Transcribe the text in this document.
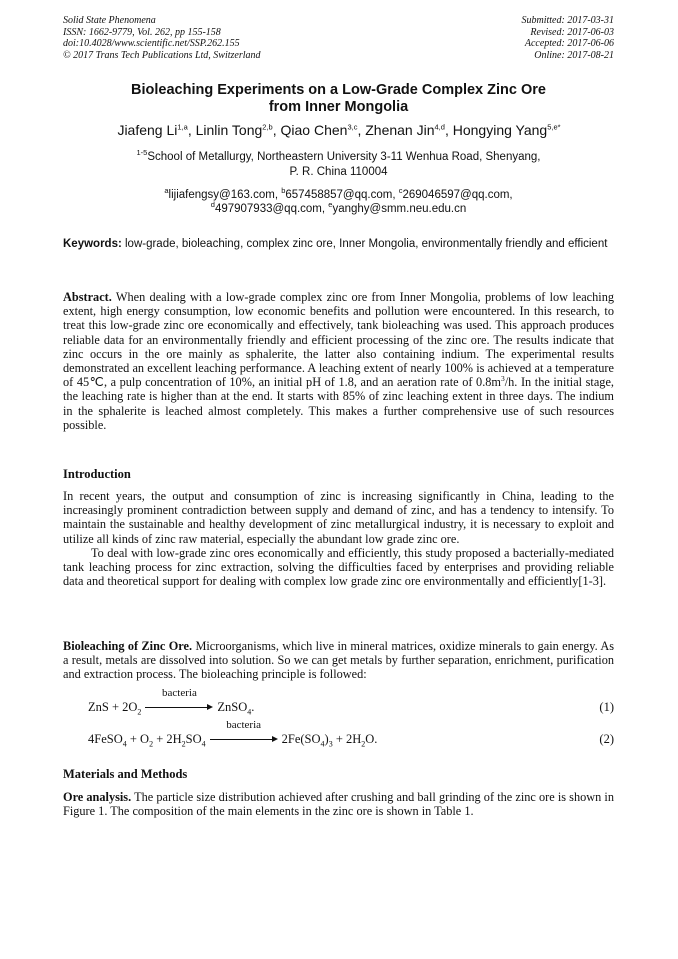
Solid State Phenomena
ISSN: 1662-9779, Vol. 262, pp 155-158
doi:10.4028/www.scientific.net/SSP.262.155
© 2017 Trans Tech Publications Ltd, Switzerland
Submitted: 2017-03-31
Revised: 2017-06-03
Accepted: 2017-06-06
Online: 2017-08-21
Bioleaching Experiments on a Low-Grade Complex Zinc Ore
from Inner Mongolia
Jiafeng Li$^{1,a}$, Linlin Tong$^{2,b}$, Qiao Chen$^{3,c}$, Zhenan Jin$^{4,d}$, Hongying Yang$^{5,e*}$
$^{1-5}$School of Metallurgy, Northeastern University 3-11 Wenhua Road, Shenyang,
P. R. China 110004
$^a$lijiafengsy@163.com, $^b$657458857@qq.com, $^c$269046597@qq.com,
$^d$497907933@qq.com, $^e$yanghy@smm.neu.edu.cn
Keywords: low-grade, bioleaching, complex zinc ore, Inner Mongolia, environmentally friendly and efficient
Abstract. When dealing with a low-grade complex zinc ore from Inner Mongolia, problems of low leaching extent, high energy consumption, low economic benefits and pollution were encountered. In this research, to treat this low-grade zinc ore economically and effectively, tank bioleaching was used. This approach produces reliable data for an environmentally friendly and efficient processing of the zinc ore. The results indicate that zinc occurs in the ore mainly as sphalerite, the latter also containing indium. The experimental results demonstrated an excellent leaching performance. A leaching extent of nearly 100% is achieved at a temperature of 45℃, a pulp concentration of 10%, an initial pH of 1.8, and an aeration rate of $0.8m^3/h$. In the initial stage, the leaching rate is higher than at the end. It starts with 85% of zinc leaching extent in three days. The indium in the sphalerite is leached almost completely. This makes a further comprehensive use of such resources possible.
Introduction
In recent years, the output and consumption of zinc is increasing significantly in China, leading to the increasingly prominent contradiction between supply and demand of zinc, and has a tendency to intensify. To maintain the sustainable and healthy development of zinc metallurgical industry, it is necessary to exploit and utilize all kinds of zinc raw material, especially the abundant low grade zinc ore.
To deal with low-grade zinc ores economically and efficiently, this study proposed a bacterially-mediated tank leaching process for zinc extraction, solving the difficulties faced by enterprises and providing reliable data and theoretical support for dealing with complex low grade zinc ore environmentally and efficiently[1-3].
Bioleaching of Zinc Ore. Microorganisms, which live in mineral matrices, oxidize minerals to gain energy. As a result, metals are dissolved into solution. So we can get metals by further separation, enrichment, purification and extraction process. The bioleaching principle is followed:
ZnS + $2O_2$
bacteria
ZnSO$_4$.	(1)
4FeSO$_4$ + $O_2 + 2H_2SO_4$
bacteria
$2Fe(SO_4)_3 + 2H_2O$.	(2)
Materials and Methods
Ore analysis. The particle size distribution achieved after crushing and ball grinding of the zinc ore is shown in Figure 1. The composition of the main elements in the zinc ore is shown in Table 1.
